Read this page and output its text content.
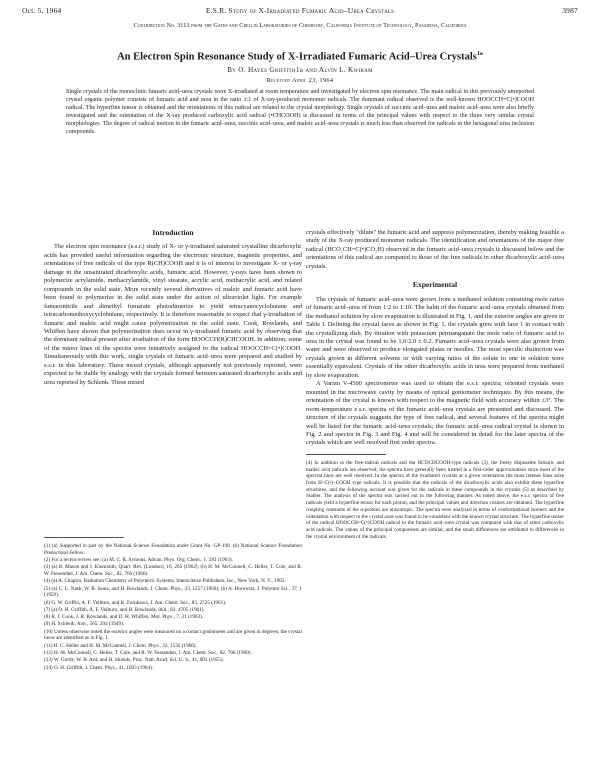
Oct. 5, 1964	E.S.R. Study of X-Irradiated Fumaric Acid–Urea Crystals	3987
Contribution No. 3113 from the Gates and Crellin Laboratories of Chemistry, California Institute of Technology, Pasadena, California
An Electron Spin Resonance Study of X-Irradiated Fumaric Acid–Urea Crystals$^{1a}$
By O. Hayes Griffith1b and Alvin L. Kwiram
Received April 23, 1964
Single crystals of the monoclinic fumaric acid–urea crystals were X-irradiated at room temperature and investigated by electron spin resonance. The main radical in this previously unreported crystal organic polymer consists of fumaric acid and urea in the ratio 1:1 of X-ray-produced monomer radicals. The dominant radical observed is the well-known HOOCCH=C(•)COOH radical. The hyperfine tensor is obtained and the orientations of this radical are related to the crystal morphology. Single crystals of succinic acid–urea and maleic acid–urea were also briefly investigated and the orientation of the X-ray produced carboxylic acid radical (•CHCOOH) is discussed in terms of the principal values with respect to the three very similar crystal morphologies. The degree of radical motion in the fumaric acid–urea, succinic acid–urea, and maleic acid–urea crystals is much less than observed for radicals in the hexagonal urea inclusion compounds.
Introduction

The electron spin resonance (e.s.r.) study of X- or γ-irradiated saturated crystalline dicarboxylic acids has provided useful information regarding the electronic structure, magnetic properties, and orientations of free radicals of the type R(CH)COOH and it is of interest to investigate X- or γ-ray damage in the unsaturated dicarboxylic acids, fumaric acid. However, γ-rays have been shown to polymerize acrylamide, methacrylamide, vinyl stearate, acrylic acid, methacrylic acid, and related compounds in the solid state. More recently several derivatives of maleic and fumaric acid have been found to polymerize in the solid state under the action of ultraviolet light. For example fumaronitrile and dimethyl fumarate photodimerize to yield tetracyanocyclobutane and tetracarbomethoxycyclobutane, respectively. It is therefore reasonable to expect that γ-irradiation of fumaric and maleic acid might cause polymerization in the solid state. Cook, Rowlands, and Whiffen have shown that polymerization does occur in γ-irradiated fumaric acid by observing that the dominant radical present after irradiation of the form HOOCCH(R)CHCOOH. In addition, some of the minor lines of the spectra were tentatively assigned to the radical HOOCCH=C(•)COOH. Simultaneously with this work, single crystals of fumaric acid–urea were prepared and studied by e.s.r. in this laboratory. These mixed crystals, although apparently not previously reported, were expected to be stable by analogy with the crystals formed between saturated dicarboxylic acids and urea reported by Schlenk. These mixed

(1) (a) Supported in part by the National Science Foundation under Grant No. GP-190. (b) National Science Foundation Predoctoral Fellow.
(2) For a recent review see: (a) M. C. R. Symons, Advan. Phys. Org. Chem., 1, 283 (1963).
(3) (a) R. Mason and J. Kinmonth, Quart. Rev. (London), 16, 205 (1962); (b) H. M. McConnell, C. Heller, T. Cole, and R. W. Fessenden, J. Am. Chem. Soc., 82, 766 (1960).
(4) (a) A. Chapiro, Radiation Chemistry of Polymeric Systems, Interscience Publishers, Inc., New York, N. Y., 1962.
(5) (a) C. L. Nash, W. R. Sears, and H. Rowlands, J. Chem. Phys., 33, 1257 (1960); (b) A. Horowitz, J. Polymer Sci., 37, 1 (1959).
(6) G. W. Griffin, A. F. Vellturo, and K. Furukawa, J. Am. Chem. Soc., 83, 2725 (1961).
(7) (a) O. H. Griffith, A. F. Vellturo, and H. Rowlands, ibid., 83, 4705 (1961).
(8) R. J. Cook, J. R. Rowlands, and D. H. Whiffen, Mol. Phys., 7, 31 (1963).
(9) H. Schlenk, Ann., 565, 204 (1949).
(10) Unless otherwise noted the exterior angles were measured on a contact goniometer and are given in degrees; the crystal faces are identified as in Fig. 1.
(11) H. C. Heller and H. M. McConnell, J. Chem. Phys., 32, 1535 (1960).
(12) H. M. McConnell, C. Heller, T. Cole, and R. W. Fessenden, J. Am. Chem. Soc., 82, 766 (1960).
(13) W. Gordy, W. B. Ard, and H. Shields, Proc. Natl. Acad. Sci. U. S., 41, 983 (1955).
(14) O. H. Griffith, J. Chem. Phys., 41, 1093 (1964).

crystals effectively "dilute" the fumaric acid and suppress polymerization, thereby making feasible a study of the X-ray produced monomer radicals. The identification and orientations of the major free radical (HCO₂CH=C(•)CO₂H) observed in the fumaric acid–urea crystals is discussed below and the orientations of this radical are compared to those of the free radicals in other dicarboxylic acid–urea crystals.

Experimental

The crystals of fumaric acid–urea were grown from a methanol solution containing mole ratios of fumaric acid–urea of from 1:2 to 1:10. The habit of the fumaric acid–urea crystals obtained from the methanol solution by slow evaporation is illustrated in Fig. 1, and the exterior angles are given in Table I. Defining the crystal faces as shown in Fig. 1, the crystals grew with face 1 in contact with the crystallizing dish. By titration with potassium permanganate the mole ratio of fumaric acid to urea in the crystal was found to be 1.0:2.0 ± 0.2. Fumaric acid–urea crystals were also grown from water and were observed to produce elongated plates or needles. The most specific distinction was crystals grown in different solvents or with varying ratios of the solute to one in solution were essentially equivalent. Crystals of the other dicarboxylic acids in urea were prepared from methanol by slow evaporation.

A Varian V-4500 spectrometer was used to obtain the e.s.r. spectra; oriented crystals were mounted in the microwave cavity by means of optical goniometer techniques. By this means, the orientation of the crystal is known with respect to the magnetic field with accuracy within ±3°. The room-temperature e.s.r. spectra of the fumaric acid–urea crystals are presented and discussed. The structure of the crystals suggests the type of free radical, and several features of the spectra might well be listed for the fumaric acid–urea crystals; the fumaric acid–urea radical crystal is shown in Fig. 2 and spectra in Fig. 3 and Fig. 4 and will be considered in detail for the later spectra of the crystals which are well resolved first order spectra.

(4) In addition to the free-radical radicals and the HCOCHCOOH-type radicals (3), the freely disposable fumaric and maleic acid radicals are observed; the spectra have generally been treated in a first-order approximation since most of the spectral lines are well resolved. In the spectra of the irradiated crystals at a given orientation the most intense lines arise from H–C(•)–COOH type radicals. It is possible that the radicals of the dicarboxylic acids also exhibit these hyperfine structures, and the following account was given for the radicals in these compounds in the crystals (5) as described by Stabler. The analysis of the spectra was carried out in the following manner. As noted above, the e.s.r. spectra of free radicals yield a hyperfine tensor for each proton, and the principal values and direction cosines are obtained. The hyperfine coupling constants of the α-protons are anisotropic. The spectra were analyzed in terms of conformational isomers and the orientation with respect to the crystal axes was found to be consistent with the known crystal structure. The hyperfine tensor of the radical HOOCCH=C(•)COOH radical in the fumaric acid–urea crystal was compared with that of other carboxylic acid radicals. The values of the principal components are similar, and the small differences are attributed to differences in the crystal environment of the radicals.
